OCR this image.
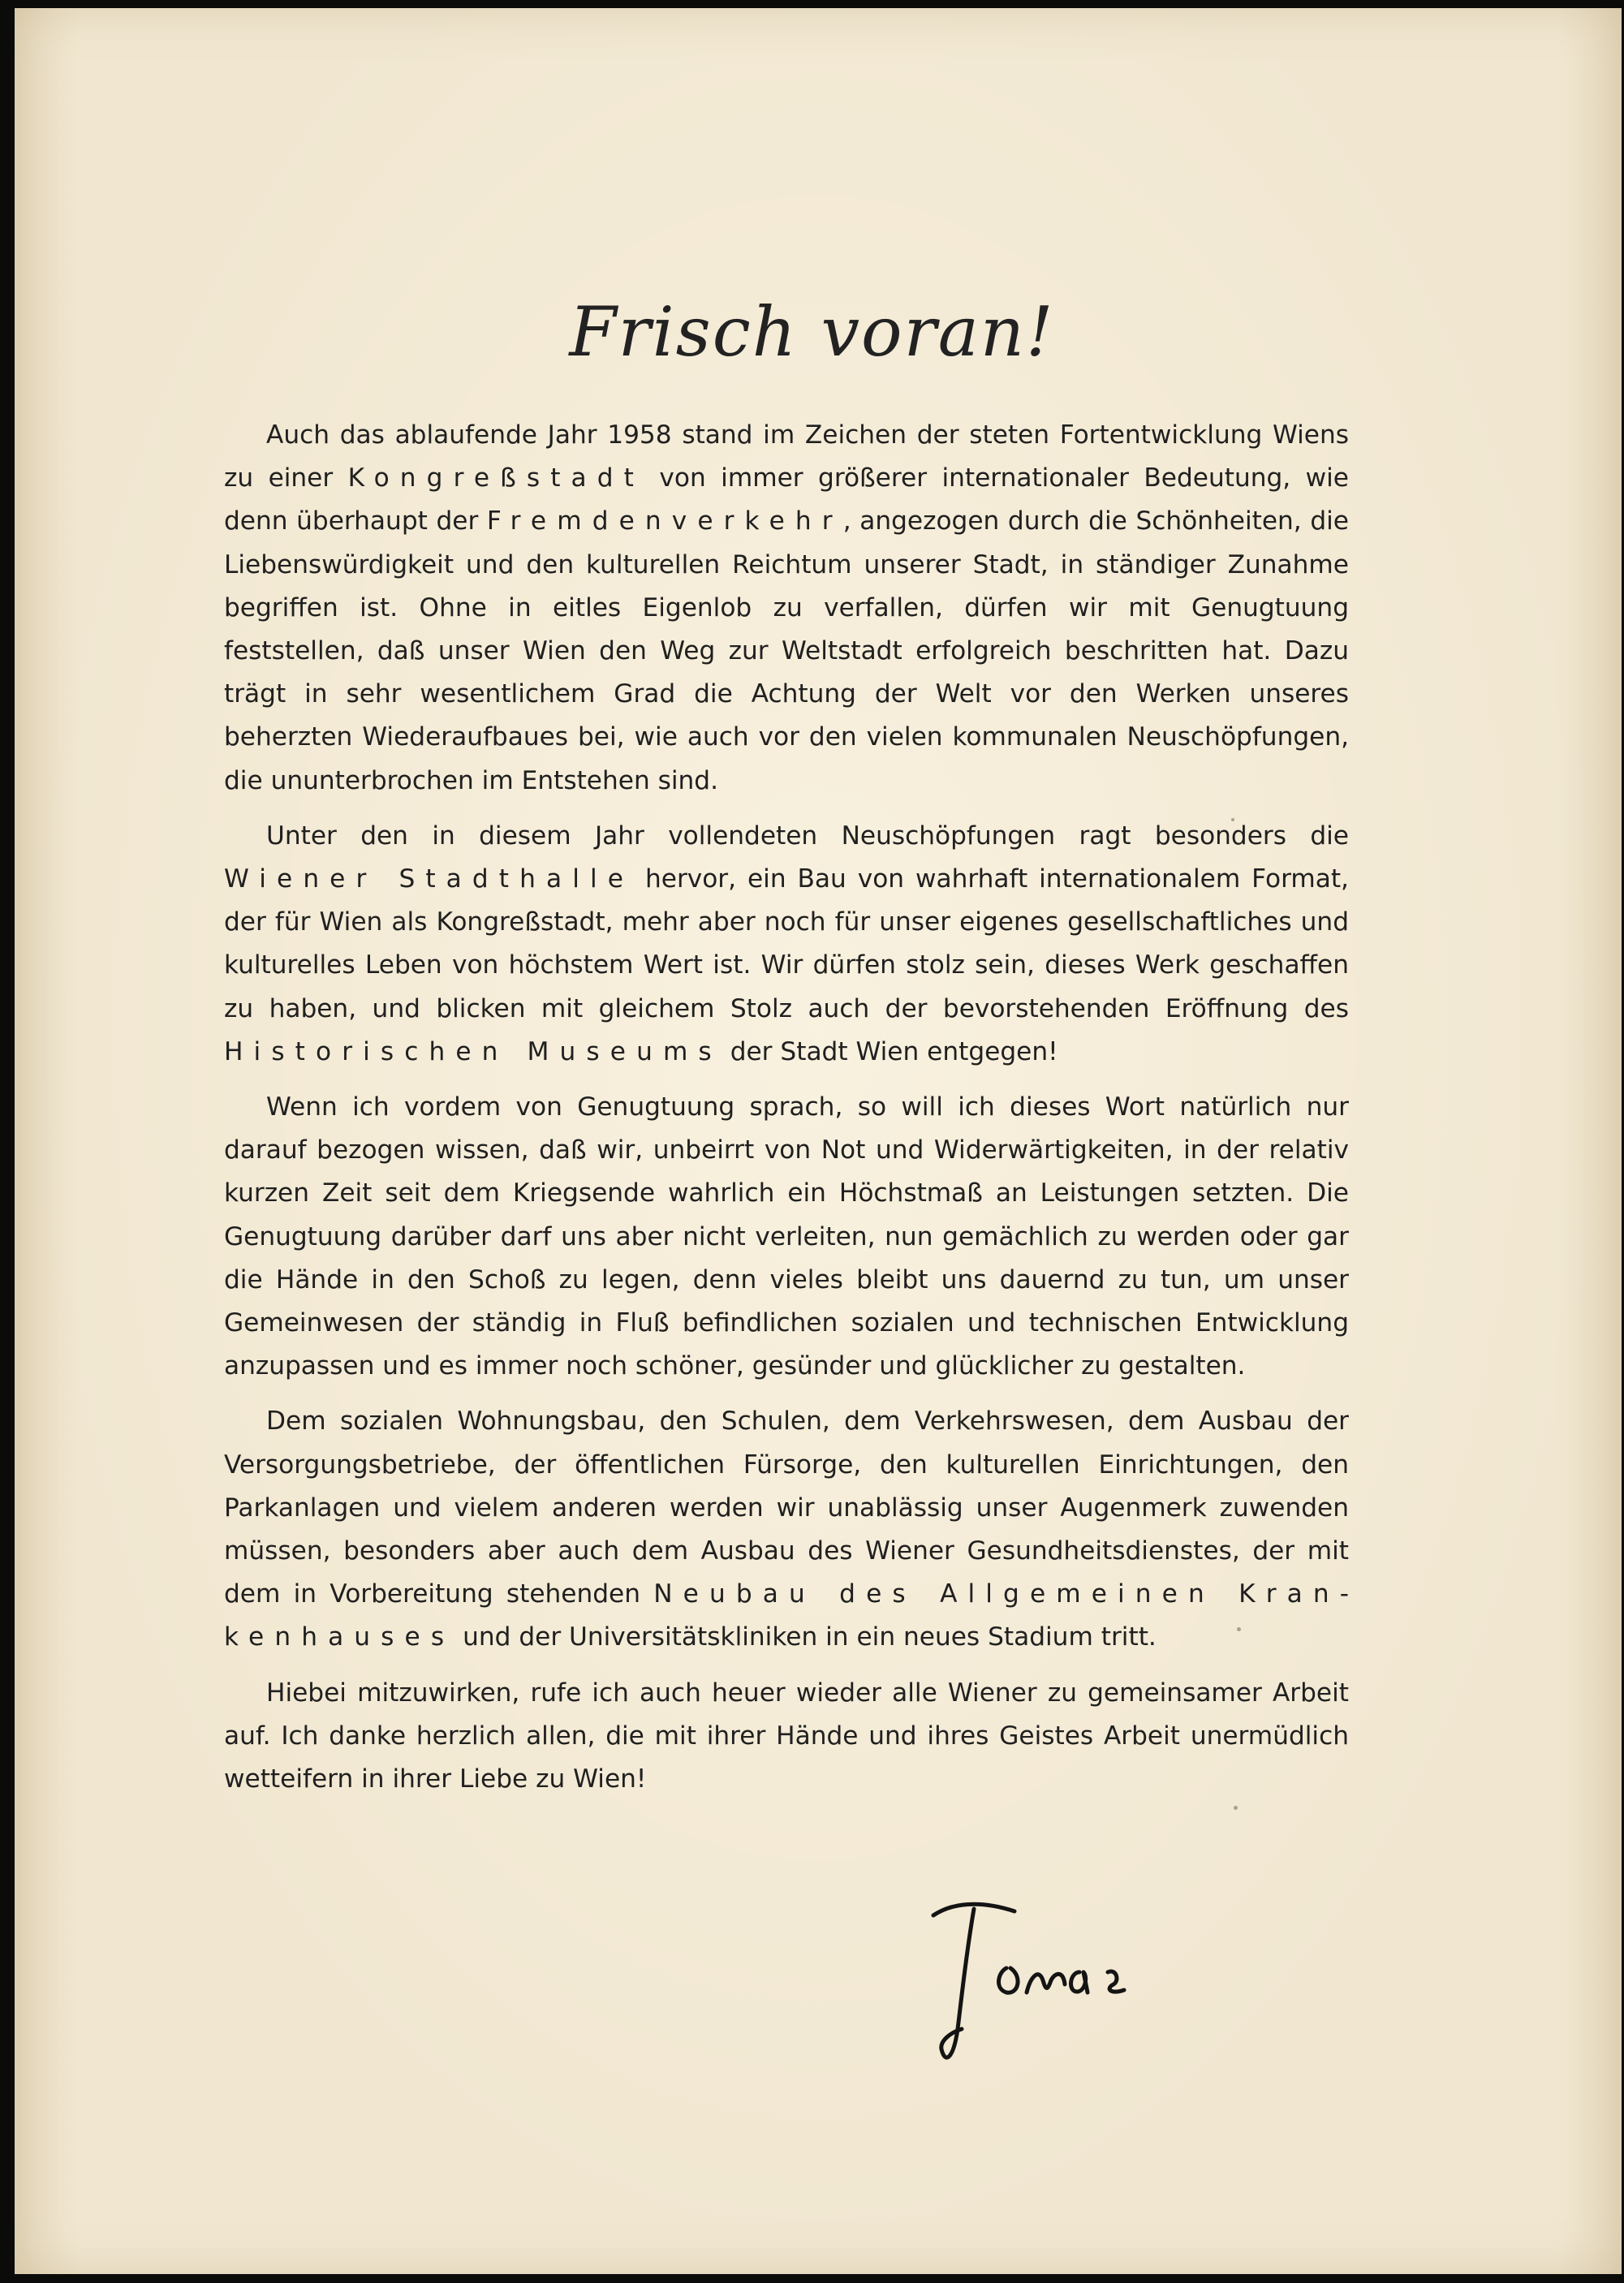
Frisch voran!

Auch das ablaufende Jahr 1958 stand im Zeichen der steten Fortentwicklung Wiens zu einer Kongreßstadt von immer größerer internationaler Bedeutung, wie denn überhaupt der Fremdenverkehr, angezogen durch die Schönheiten, die Liebenswürdigkeit und den kulturellen Reichtum unserer Stadt, in ständiger Zunahme begriffen ist. Ohne in eitles Eigenlob zu verfallen, dürfen wir mit Genugtuung feststellen, daß unser Wien den Weg zur Weltstadt erfolgreich beschritten hat. Dazu trägt in sehr wesentlichem Grad die Achtung der Welt vor den Werken unseres beherzten Wiederaufbaues bei, wie auch vor den vielen kommunalen Neuschöpfungen, die ununterbrochen im Entstehen sind.

Unter den in diesem Jahr vollendeten Neuschöpfungen ragt besonders die Wiener Stadthalle hervor, ein Bau von wahrhaft internationalem Format, der für Wien als Kongreßstadt, mehr aber noch für unser eigenes gesellschaftliches und kulturelles Leben von höchstem Wert ist. Wir dürfen stolz sein, dieses Werk geschaffen zu haben, und blicken mit gleichem Stolz auch der bevorstehenden Eröffnung des Historischen Museums der Stadt Wien entgegen!

Wenn ich vordem von Genugtuung sprach, so will ich dieses Wort natürlich nur darauf bezogen wissen, daß wir, unbeirrt von Not und Widerwärtigkeiten, in der relativ kurzen Zeit seit dem Kriegsende wahrlich ein Höchstmaß an Leistungen setzten. Die Genugtuung darüber darf uns aber nicht verleiten, nun gemächlich zu werden oder gar die Hände in den Schoß zu legen, denn vieles bleibt uns dauernd zu tun, um unser Gemeinwesen der ständig in Fluß befindlichen sozialen und technischen Entwicklung anzupassen und es immer noch schöner, gesünder und glücklicher zu gestalten.

Dem sozialen Wohnungsbau, den Schulen, dem Verkehrswesen, dem Ausbau der Versorgungsbetriebe, der öffentlichen Fürsorge, den kulturellen Einrichtungen, den Parkanlagen und vielem anderen werden wir unablässig unser Augenmerk zuwenden müssen, besonders aber auch dem Ausbau des Wiener Gesundheitsdienstes, der mit dem in Vorbereitung stehenden Neubau des Allgemeinen Krankenhauses und der Universitätskliniken in ein neues Stadium tritt.

Hiebei mitzuwirken, rufe ich auch heuer wieder alle Wiener zu gemeinsamer Arbeit auf. Ich danke herzlich allen, die mit ihrer Hände und ihres Geistes Arbeit unermüdlich wetteifern in ihrer Liebe zu Wien!
